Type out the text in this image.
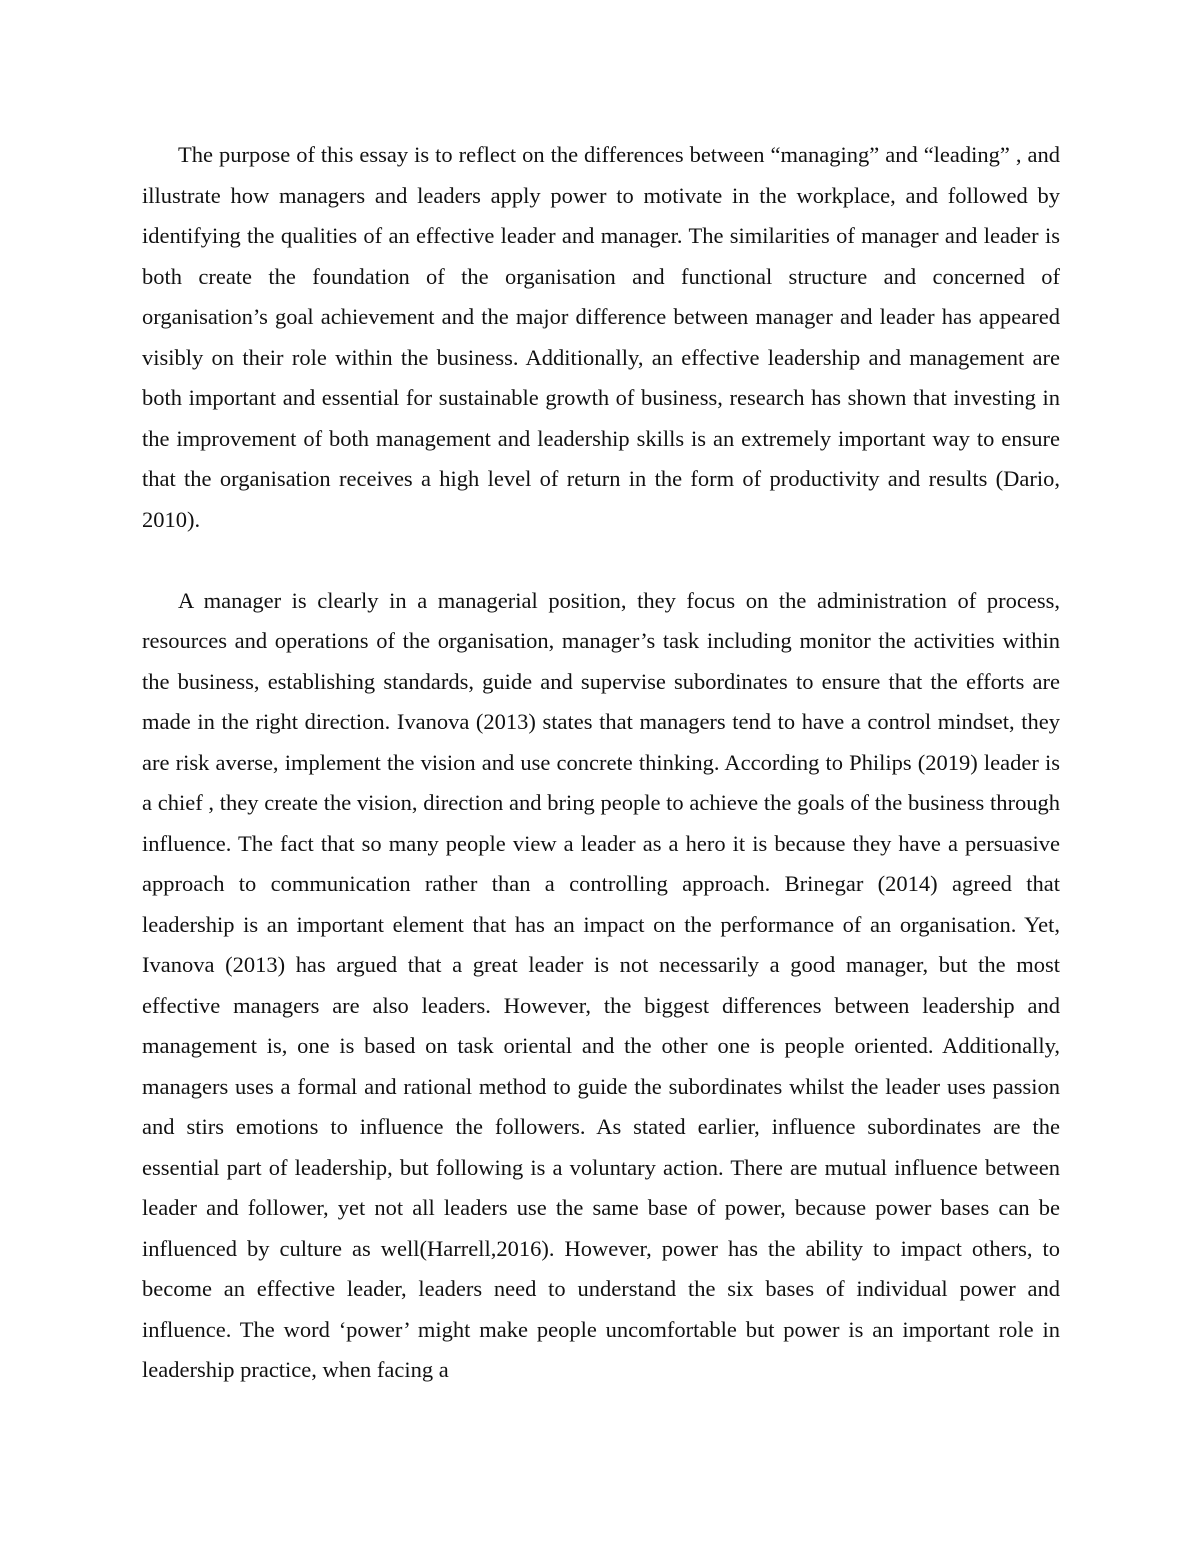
The purpose of this essay is to reflect on the differences between “managing” and “leading” , and illustrate how managers and leaders apply power to motivate in the workplace, and followed by identifying the qualities of an effective leader and manager. The similarities of manager and leader is both create the foundation of the organisation and functional structure and concerned of organisation’s goal achievement and the major difference between manager and leader has appeared visibly on their role within the business. Additionally, an effective leadership and management are both important and essential for sustainable growth of business, research has shown that investing in the improvement of both management and leadership skills is an extremely important way to ensure that the organisation receives a high level of return in the form of productivity and results (Dario, 2010).

A manager is clearly in a managerial position, they focus on the administration of process, resources and operations of the organisation, manager’s task including monitor the activities within the business, establishing standards, guide and supervise subordinates to ensure that the efforts are made in the right direction. Ivanova (2013) states that managers tend to have a control mindset, they are risk averse, implement the vision and use concrete thinking. According to Philips (2019) leader is a chief , they create the vision, direction and bring people to achieve the goals of the business through influence. The fact that so many people view a leader as a hero it is because they have a persuasive approach to communication rather than a controlling approach. Brinegar (2014) agreed that leadership is an important element that has an impact on the performance of an organisation. Yet, Ivanova (2013) has argued that a great leader is not necessarily a good manager, but the most effective managers are also leaders. However, the biggest differences between leadership and management is, one is based on task oriental and the other one is people oriented. Additionally, managers uses a formal and rational method to guide the subordinates whilst the leader uses passion and stirs emotions to influence the followers. As stated earlier, influence subordinates are the essential part of leadership, but following is a voluntary action. There are mutual influence between leader and follower, yet not all leaders use the same base of power, because power bases can be influenced by culture as well(Harrell,2016). However, power has the ability to impact others, to become an effective leader, leaders need to understand the six bases of individual power and influence. The word ‘power’ might make people uncomfortable but power is an important role in leadership practice, when facing a
